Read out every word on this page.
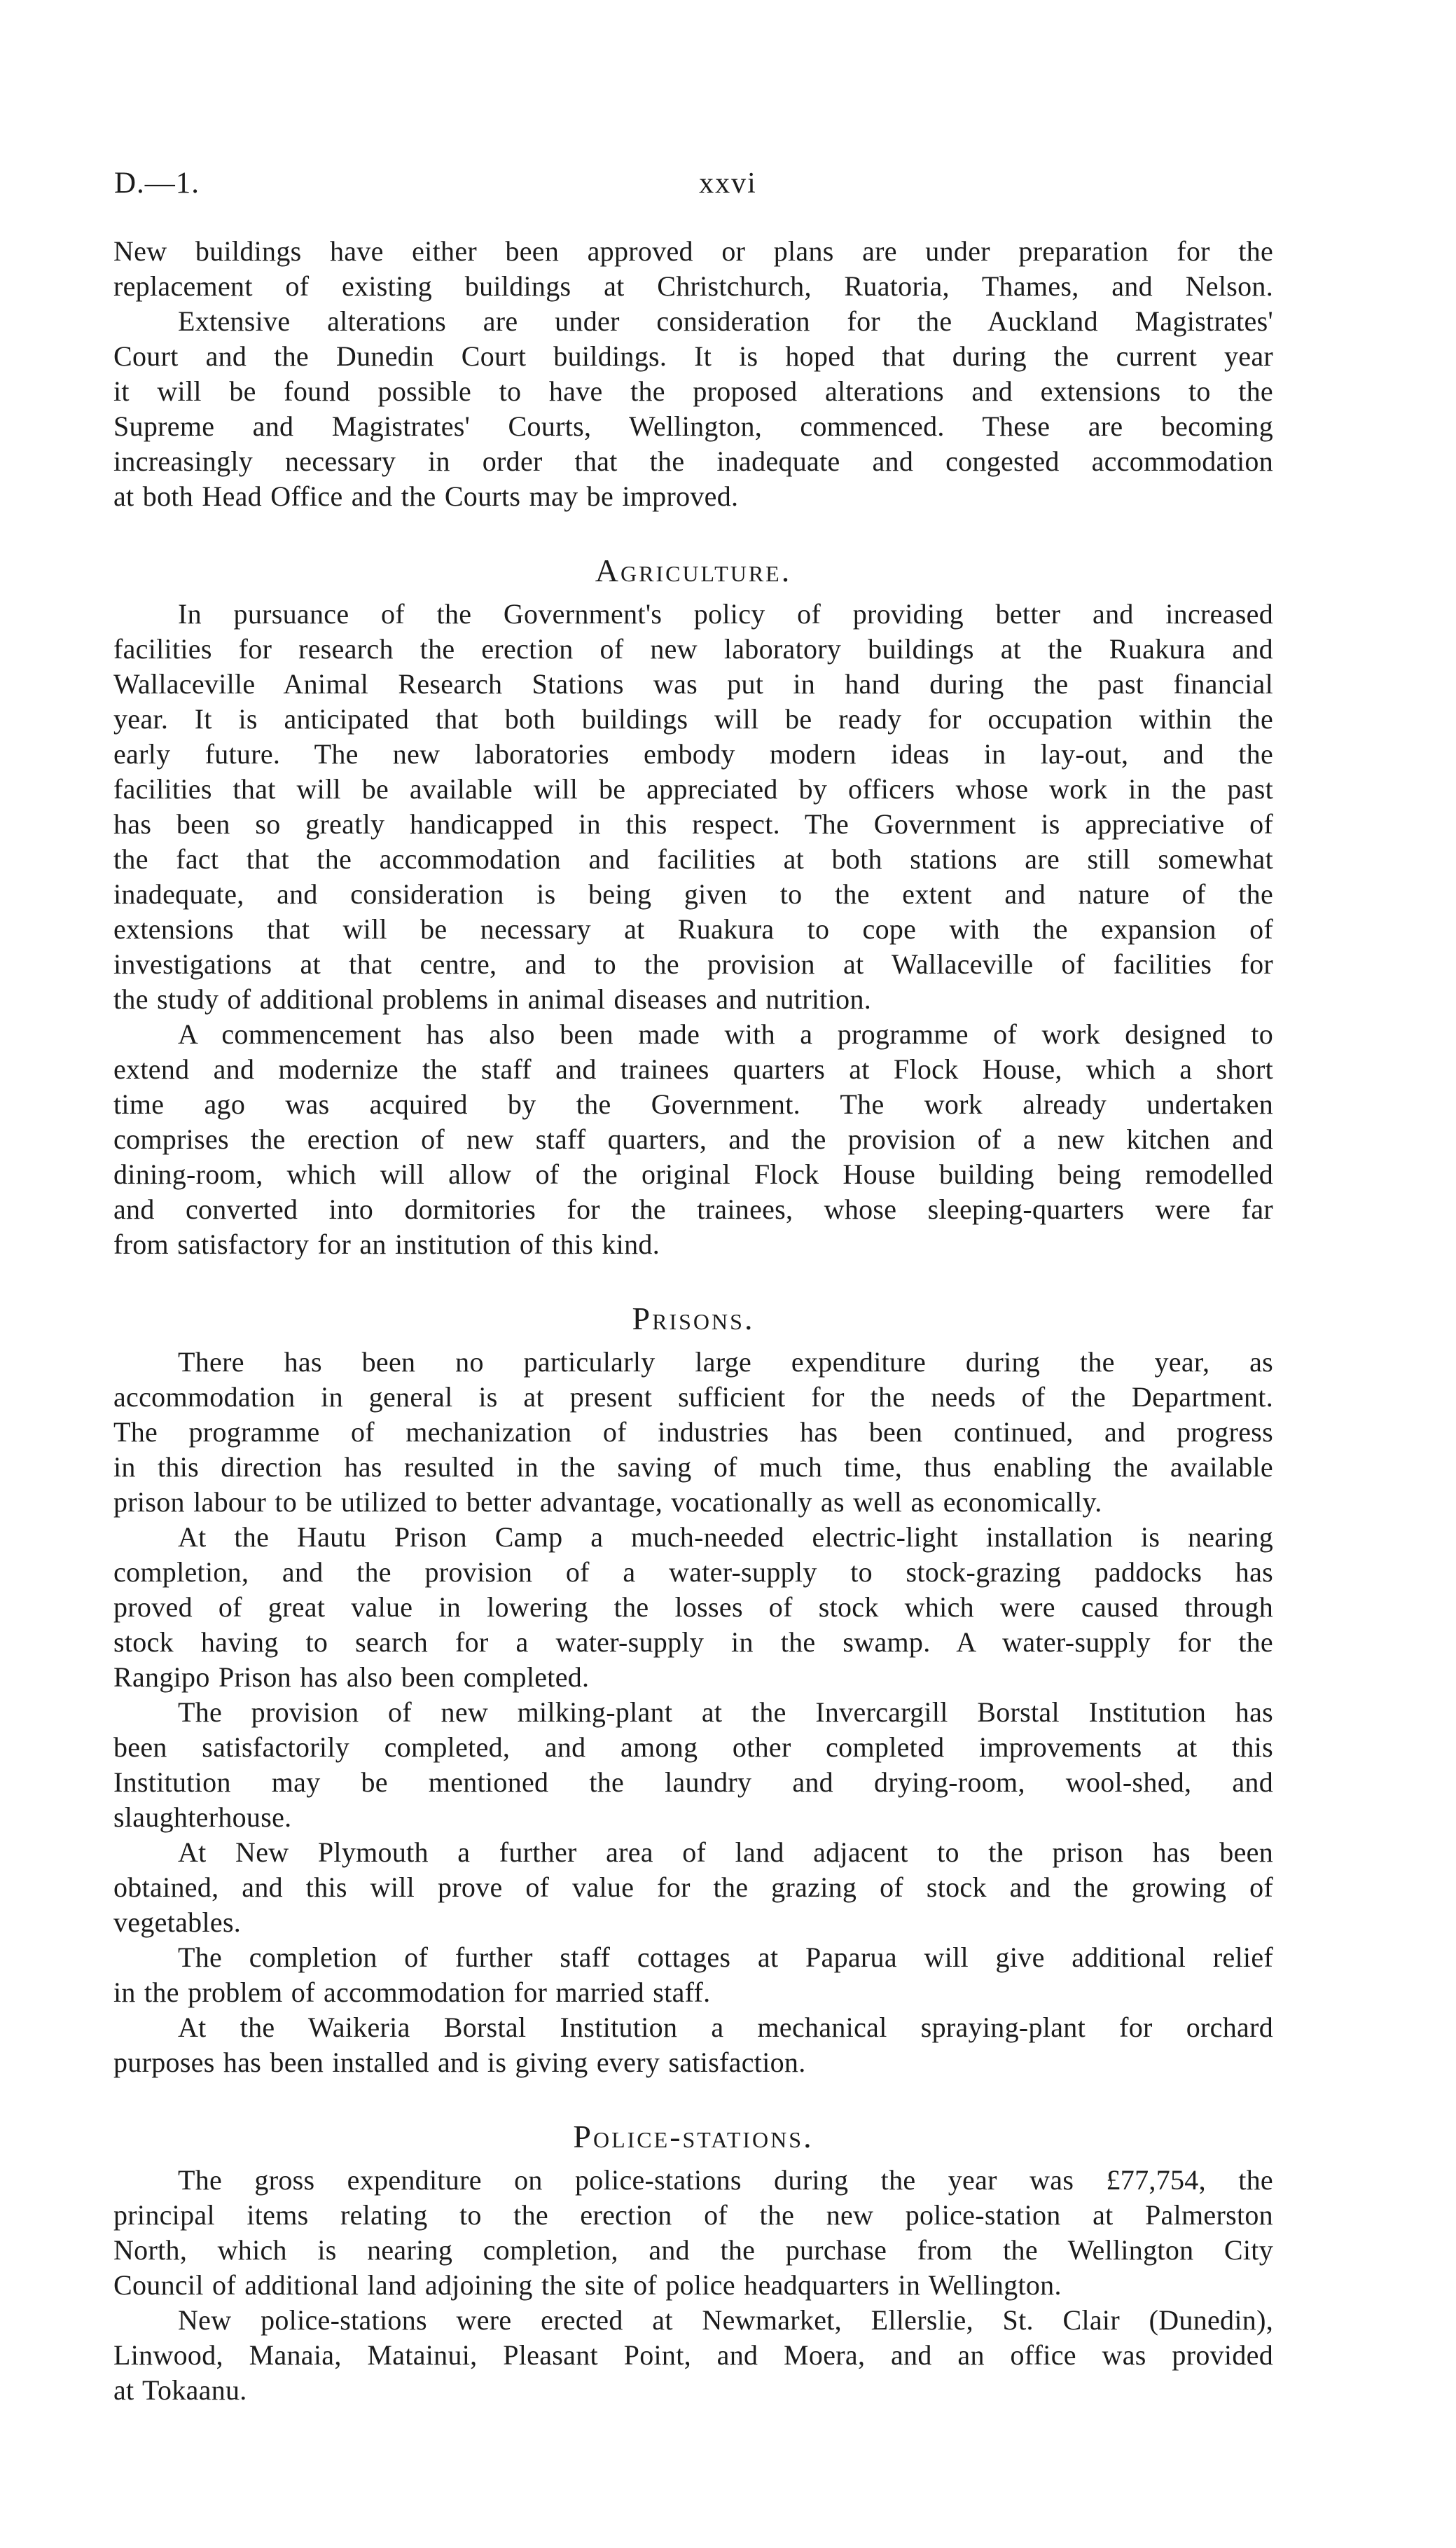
D.—1.	xxvi
New buildings have either been approved or plans are under preparation for the
replacement of existing buildings at Christchurch, Ruatoria, Thames, and Nelson.
Extensive alterations are under consideration for the Auckland Magistrates'
Court and the Dunedin Court buildings. It is hoped that during the current year
it will be found possible to have the proposed alterations and extensions to the
Supreme and Magistrates' Courts, Wellington, commenced. These are becoming
increasingly necessary in order that the inadequate and congested accommodation
at both Head Office and the Courts may be improved.
Agriculture.
In pursuance of the Government's policy of providing better and increased
facilities for research the erection of new laboratory buildings at the Ruakura and
Wallaceville Animal Research Stations was put in hand during the past financial
year. It is anticipated that both buildings will be ready for occupation within the
early future. The new laboratories embody modern ideas in lay-out, and the
facilities that will be available will be appreciated by officers whose work in the past
has been so greatly handicapped in this respect. The Government is appreciative of
the fact that the accommodation and facilities at both stations are still somewhat
inadequate, and consideration is being given to the extent and nature of the
extensions that will be necessary at Ruakura to cope with the expansion of
investigations at that centre, and to the provision at Wallaceville of facilities for
the study of additional problems in animal diseases and nutrition.
A commencement has also been made with a programme of work designed to
extend and modernize the staff and trainees quarters at Flock House, which a short
time ago was acquired by the Government. The work already undertaken
comprises the erection of new staff quarters, and the provision of a new kitchen and
dining-room, which will allow of the original Flock House building being remodelled
and converted into dormitories for the trainees, whose sleeping-quarters were far
from satisfactory for an institution of this kind.
Prisons.
There has been no particularly large expenditure during the year, as
accommodation in general is at present sufficient for the needs of the Department.
The programme of mechanization of industries has been continued, and progress
in this direction has resulted in the saving of much time, thus enabling the available
prison labour to be utilized to better advantage, vocationally as well as economically.
At the Hautu Prison Camp a much-needed electric-light installation is nearing
completion, and the provision of a water-supply to stock-grazing paddocks has
proved of great value in lowering the losses of stock which were caused through
stock having to search for a water-supply in the swamp. A water-supply for the
Rangipo Prison has also been completed.
The provision of new milking-plant at the Invercargill Borstal Institution has
been satisfactorily completed, and among other completed improvements at this
Institution may be mentioned the laundry and drying-room, wool-shed, and
slaughterhouse.
At New Plymouth a further area of land adjacent to the prison has been
obtained, and this will prove of value for the grazing of stock and the growing of
vegetables.
The completion of further staff cottages at Paparua will give additional relief
in the problem of accommodation for married staff.
At the Waikeria Borstal Institution a mechanical spraying-plant for orchard
purposes has been installed and is giving every satisfaction.
Police-stations.
The gross expenditure on police-stations during the year was £77,754, the
principal items relating to the erection of the new police-station at Palmerston
North, which is nearing completion, and the purchase from the Wellington City
Council of additional land adjoining the site of police headquarters in Wellington.
New police-stations were erected at Newmarket, Ellerslie, St. Clair (Dunedin),
Linwood, Manaia, Matainui, Pleasant Point, and Moera, and an office was provided
at Tokaanu.
